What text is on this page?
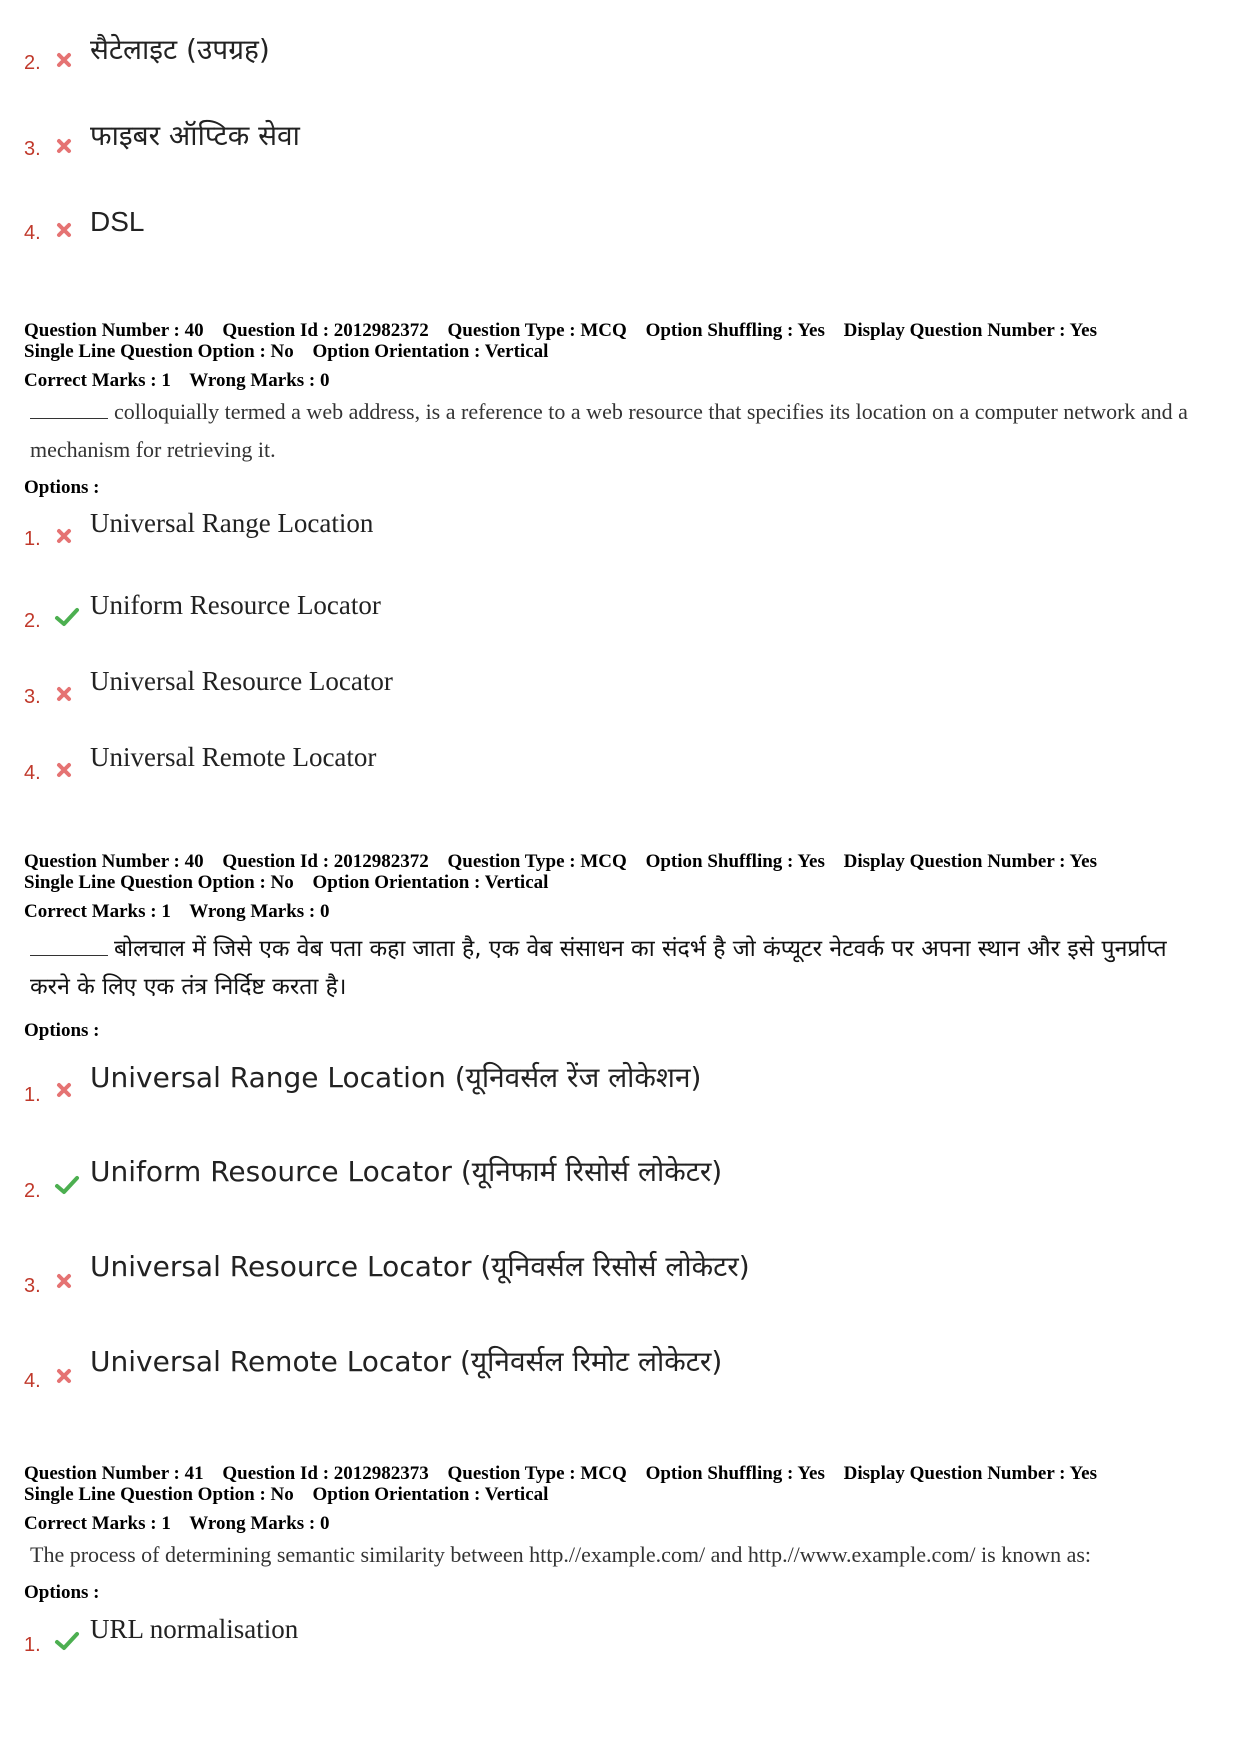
2. सैटेलाइट (उपग्रह)
3. फाइबर ऑप्टिक सेवा
4. DSL
Question Number : 40 Question Id : 2012982372 Question Type : MCQ Option Shuffling : Yes Display Question Number : Yes
Single Line Question Option : No Option Orientation : Vertical
Correct Marks : 1 Wrong Marks : 0
colloquially termed a web address, is a reference to a web resource that specifies its location on a computer network and a mechanism for retrieving it.
Options :
1.
Universal Range Location
2.
Uniform Resource Locator
3.
Universal Resource Locator
4.
Universal Remote Locator
Question Number : 40 Question Id : 2012982372 Question Type : MCQ Option Shuffling : Yes Display Question Number : Yes
Single Line Question Option : No Option Orientation : Vertical
Correct Marks : 1 Wrong Marks : 0
बोलचाल में जिसे एक वेब पता कहा जाता है, एक वेब संसाधन का संदर्भ है जो कंप्यूटर नेटवर्क पर अपना स्थान और इसे पुनर्प्राप्त करने के लिए एक तंत्र निर्दिष्ट करता है।
Options :
1.
Universal Range Location (यूनिवर्सल रेंज लोकेशन)
2.
Uniform Resource Locator (यूनिफार्म रिसोर्स लोकेटर)
3.
Universal Resource Locator (यूनिवर्सल रिसोर्स लोकेटर)
4.
Universal Remote Locator (यूनिवर्सल रिमोट लोकेटर)
Question Number : 41 Question Id : 2012982373 Question Type : MCQ Option Shuffling : Yes Display Question Number : Yes
Single Line Question Option : No Option Orientation : Vertical
Correct Marks : 1 Wrong Marks : 0
The process of determining semantic similarity between http.//example.com/ and http.//www.example.com/ is known as:
Options :
1.
URL normalisation
